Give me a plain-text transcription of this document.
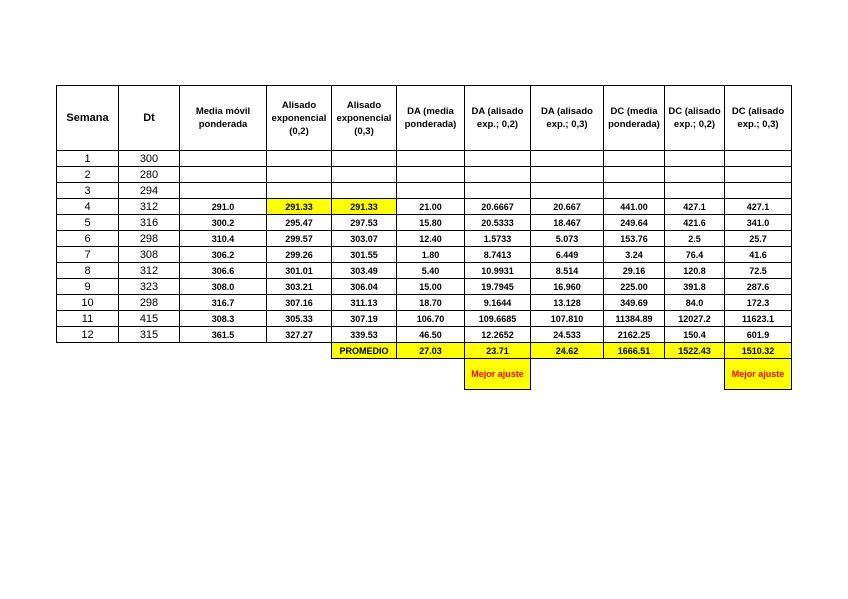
Semana	Dt	Media móvil ponderada	Alisado exponencial (0,2)	Alisado exponencial (0,3)	DA (media ponderada)	DA (alisado exp.; 0,2)	DA (alisado exp.; 0,3)	DC (media ponderada)	DC (alisado exp.; 0,2)	DC (alisado exp.; 0,3)
1	300									
2	280									
3	294									
4	312	291.0	291.33	291.33	21.00	20.6667	20.667	441.00	427.1	427.1
5	316	300.2	295.47	297.53	15.80	20.5333	18.467	249.64	421.6	341.0
6	298	310.4	299.57	303.07	12.40	1.5733	5.073	153.76	2.5	25.7
7	308	306.2	299.26	301.55	1.80	8.7413	6.449	3.24	76.4	41.6
8	312	306.6	301.01	303.49	5.40	10.9931	8.514	29.16	120.8	72.5
9	323	308.0	303.21	306.04	15.00	19.7945	16.960	225.00	391.8	287.6
10	298	316.7	307.16	311.13	18.70	9.1644	13.128	349.69	84.0	172.3
11	415	308.3	305.33	307.19	106.70	109.6685	107.810	11384.89	12027.2	11623.1
12	315	361.5	327.27	339.53	46.50	12.2652	24.533	2162.25	150.4	601.9
				PROMEDIO	27.03	23.71	24.62	1666.51	1522.43	1510.32
						Mejor ajuste				Mejor ajuste
